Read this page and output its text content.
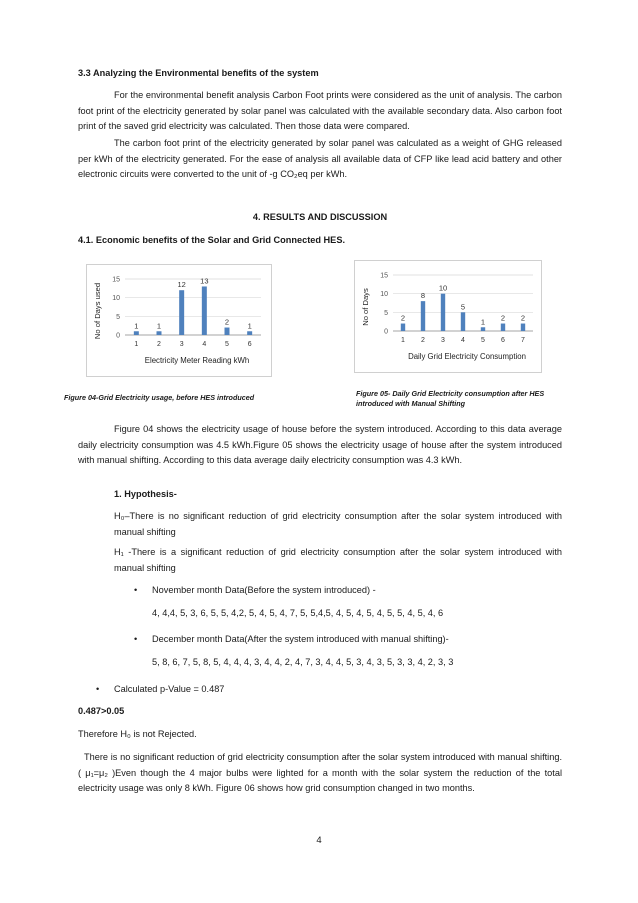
3.3 Analyzing the Environmental benefits of the system
For the environmental benefit analysis Carbon Foot prints were considered as the unit of analysis. The carbon foot print of the electricity generated by solar panel was calculated with the available secondary data. Also carbon foot print of the saved grid electricity was calculated. Then those data were compared.
The carbon foot print of the electricity generated by solar panel was calculated as a weight of GHG released per kWh of the electricity generated. For the ease of analysis all available data of CFP like lead acid battery and other electronic circuits were converted to the unit of -g CO₂eq per kWh.
4. RESULTS AND DISCUSSION
4.1. Economic benefits of the Solar and Grid Connected HES.
0
5
10
15
1
1
1
2
12
3
13
4
2
5
1
6
Electricity Meter Reading kWh
No of Days used	0
5
10
15
2
1
8
2
10
3
5
4
1
5
2
6
2
7
Daily Grid Electricity Consumption
No of Days
Figure 04-Grid Electricity usage, before HES introduced	Figure 05- Daily Grid Electricity consumption after HES
introduced with Manual Shifting
Figure 04 shows the electricity usage of house before the system introduced. According to this data average daily electricity consumption was 4.5 kWh.Figure 05 shows the electricity usage of house after the system introduced with manual shifting. According to this data average daily electricity consumption was 4.3 kWh.
1. Hypothesis-
H₀–There is no significant reduction of grid electricity consumption after the solar system introduced with manual shifting
H₁ -There is a significant reduction of grid electricity consumption after the solar system introduced with manual shifting
• November month Data(Before the system introduced) -
4, 4,4, 5, 3, 6, 5, 5, 4,2, 5, 4, 5, 4, 7, 5, 5,4,5, 4, 5, 4, 5, 4, 5, 5, 4, 5, 4, 6
• December month Data(After the system introduced with manual shifting)-
5, 8, 6, 7, 5, 8, 5, 4, 4, 4, 3, 4, 4, 2, 4, 7, 3, 4, 4, 5, 3, 4, 3, 5, 3, 3, 4, 2, 3, 3
• Calculated p-Value = 0.487
0.487>0.05
Therefore H₀ is not Rejected.
There is no significant reduction of grid electricity consumption after the solar system introduced with manual shifting. ( μ₁=μ₂ )Even though the 4 major bulbs were lighted for a month with the solar system the reduction of the total electricity usage was only 8 kWh. Figure 06 shows how grid consumption changed in two months.
4
